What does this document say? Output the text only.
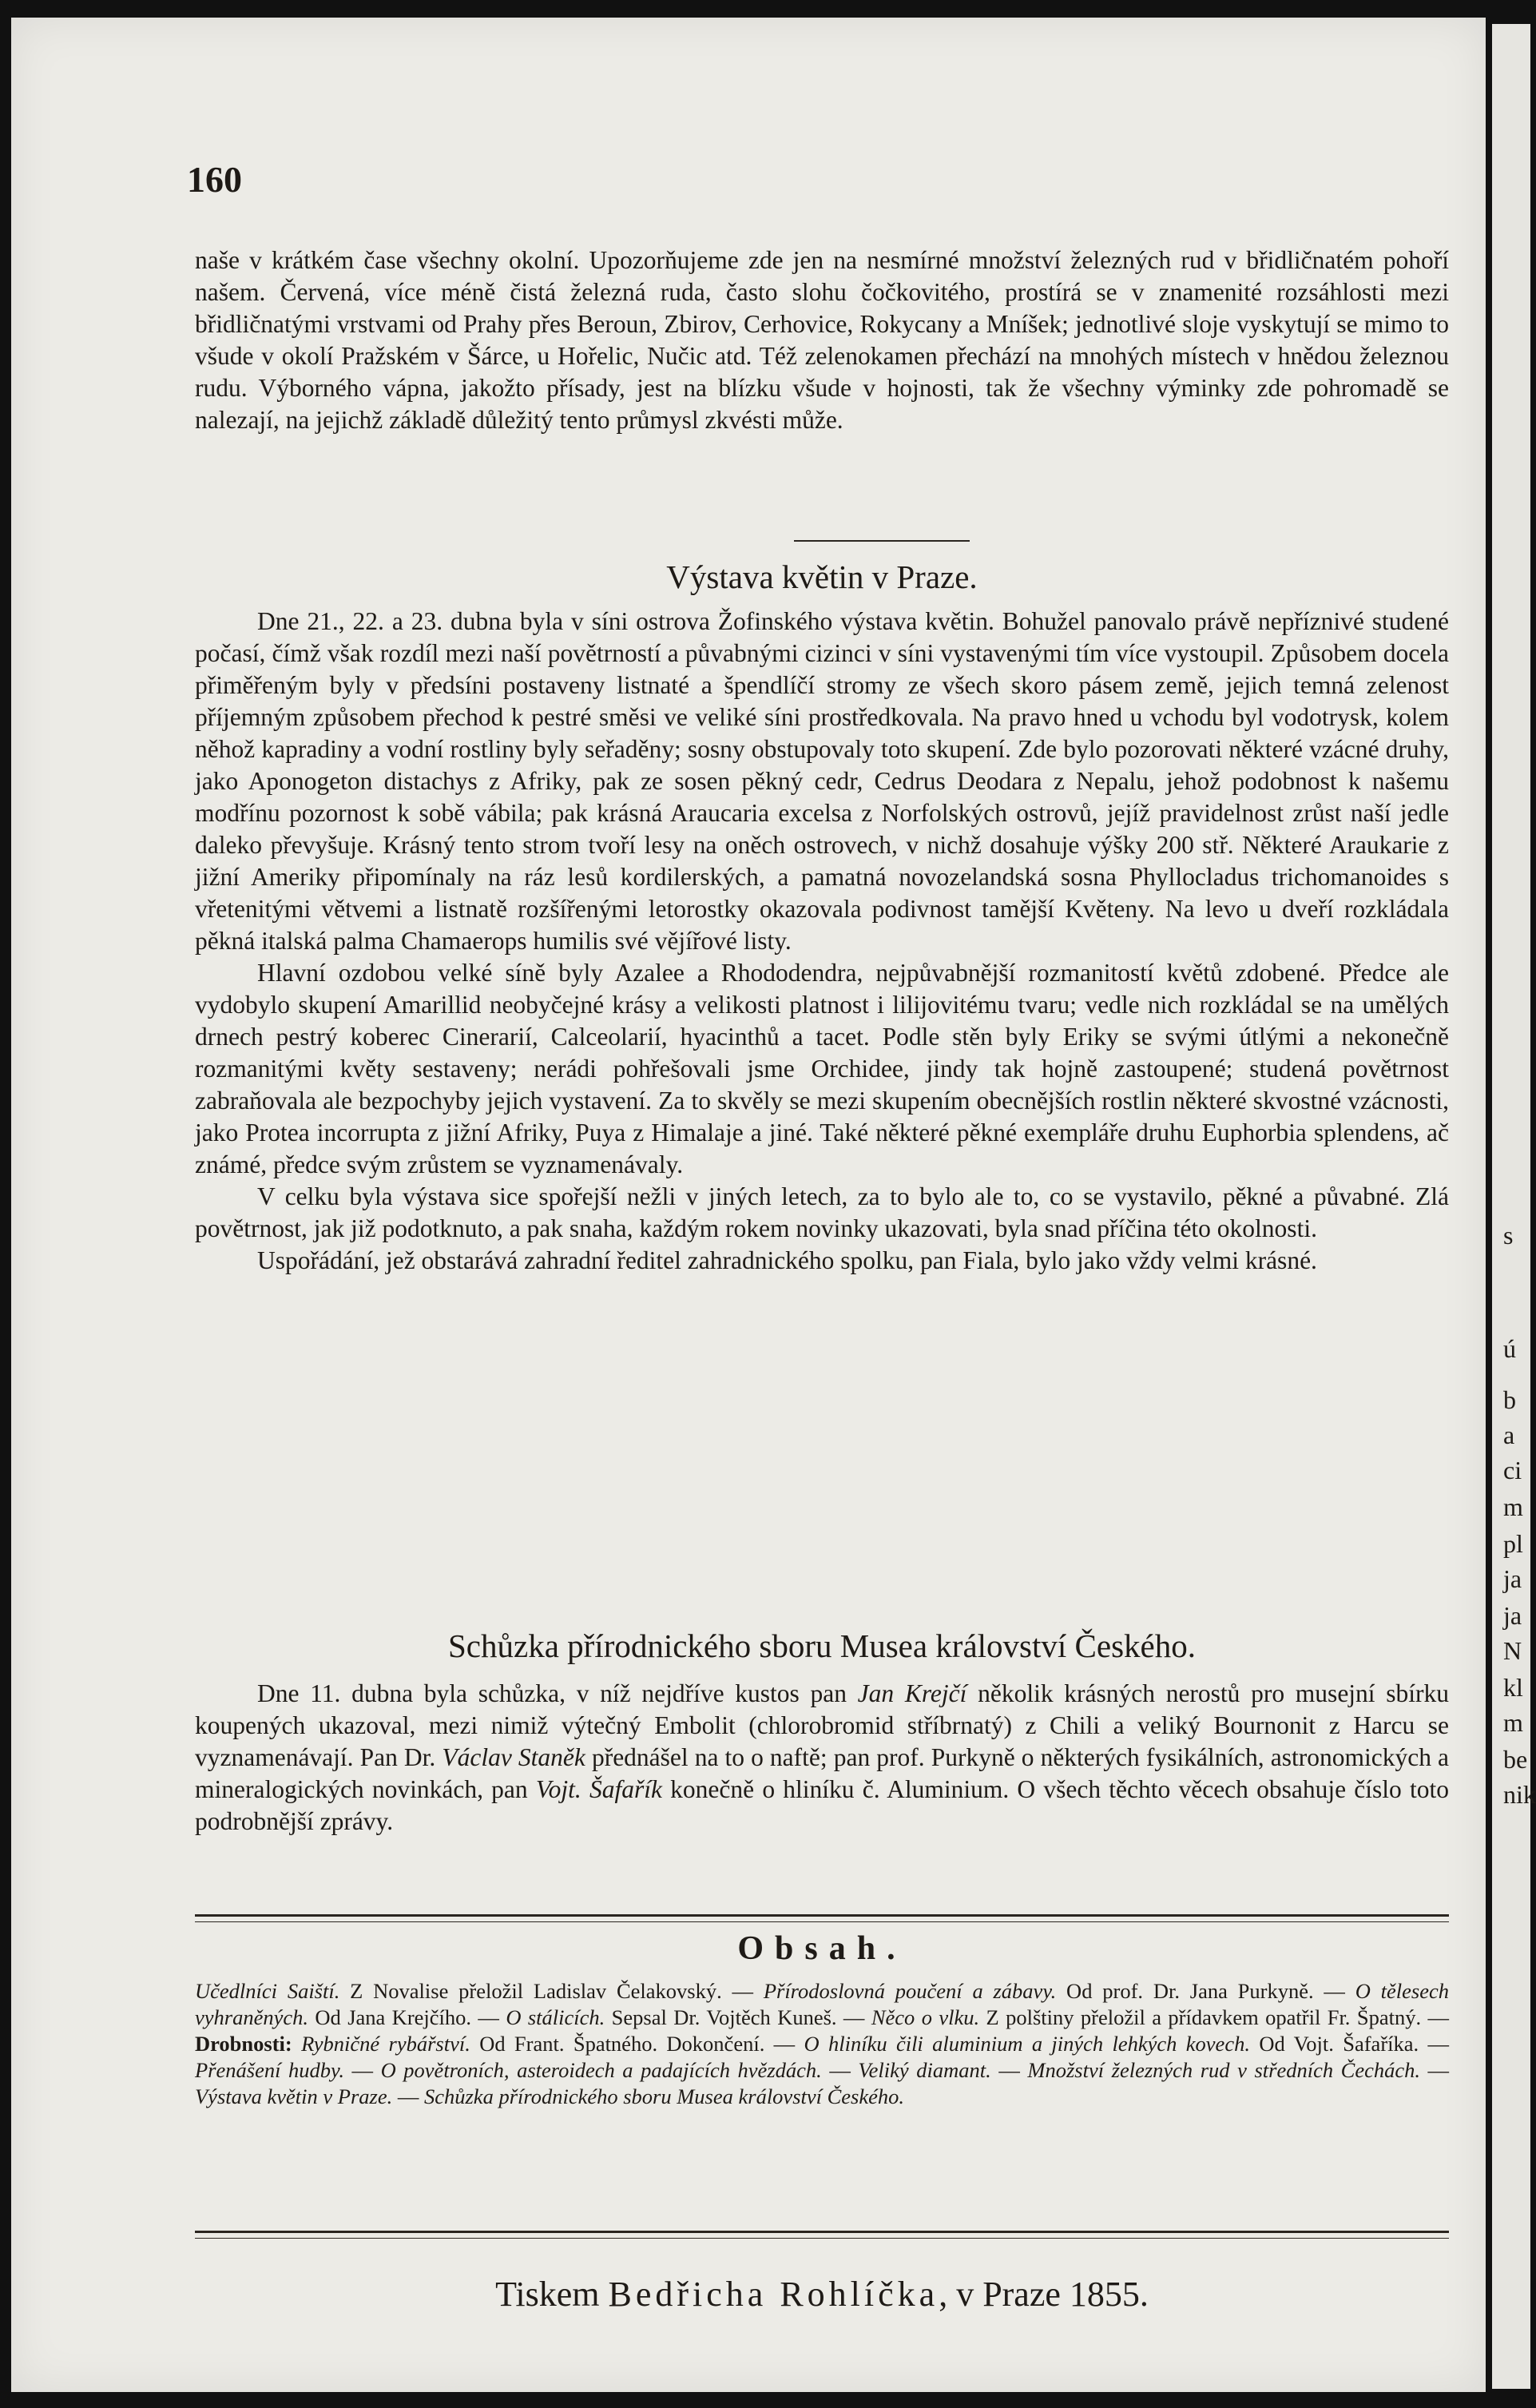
160

naše v krátkém čase všechny okolní. Upozorňujeme zde jen na nesmírné množství železných rud v břidličnatém pohoří našem. Červená, více méně čistá železná ruda, často slohu čočkovitého, prostírá se v znamenité rozsáhlosti mezi břidličnatými vrstvami od Prahy přes Beroun, Zbirov, Cerhovice, Rokycany a Mníšek; jednotlivé sloje vyskytují se mimo to všude v okolí Pražském v Šárce, u Hořelic, Nučic atd. Též zelenokamen přechází na mnohých místech v hnědou železnou rudu. Výborného vápna, jakožto přísady, jest na blízku všude v hojnosti, tak že všechny výminky zde pohromadě se nalezají, na jejichž základě důležitý tento průmysl zkvésti může.

Výstava květin v Praze.

Dne 21., 22. a 23. dubna byla v síni ostrova Žofinského výstava květin. Bohužel panovalo právě nepříznivé studené počasí, čímž však rozdíl mezi naší povětrností a půvabnými cizinci v síni vystavenými tím více vystoupil. Způsobem docela přiměřeným byly v předsíni postaveny listnaté a špendlíčí stromy ze všech skoro pásem země, jejich temná zelenost příjemným způsobem přechod k pestré směsi ve veliké síni prostředkovala. Na pravo hned u vchodu byl vodotrysk, kolem něhož kapradiny a vodní rostliny byly seřaděny; sosny obstupovaly toto skupení. Zde bylo pozorovati některé vzácné druhy, jako Aponogeton distachys z Afriky, pak ze sosen pěkný cedr, Cedrus Deodara z Nepalu, jehož podobnost k našemu modřínu pozornost k sobě vábila; pak krásná Araucaria excelsa z Norfolských ostrovů, jejíž pravidelnost zrůst naší jedle daleko převyšuje. Krásný tento strom tvoří lesy na oněch ostrovech, v nichž dosahuje výšky 200 stř. Některé Araukarie z jižní Ameriky připomínaly na ráz lesů kordilerských, a pamatná novozelandská sosna Phyllocladus trichomanoides s vřetenitými větvemi a listnatě rozšířenými letorostky okazovala podivnost tamější Květeny. Na levo u dveří rozkládala pěkná italská palma Chamaerops humilis své vějířové listy.

Hlavní ozdobou velké síně byly Azalee a Rhododendra, nejpůvabnější rozmanitostí květů zdobené. Předce ale vydobylo skupení Amarillid neobyčejné krásy a velikosti platnost i lilijovitému tvaru; vedle nich rozkládal se na umělých drnech pestrý koberec Cinerarií, Calceolarií, hyacinthů a tacet. Podle stěn byly Eriky se svými útlými a nekonečně rozmanitými květy sestaveny; nerádi pohřešovali jsme Orchidee, jindy tak hojně zastoupené; studená povětrnost zabraňovala ale bezpochyby jejich vystavení. Za to skvěly se mezi skupením obecnějších rostlin některé skvostné vzácnosti, jako Protea incorrupta z jižní Afriky, Puya z Himalaje a jiné. Také některé pěkné exempláře druhu Euphorbia splendens, ač známé, předce svým zrůstem se vyznamenávaly.

V celku byla výstava sice spořejší nežli v jiných letech, za to bylo ale to, co se vystavilo, pěkné a půvabné. Zlá povětrnost, jak již podotknuto, a pak snaha, každým rokem novinky ukazovati, byla snad příčina této okolnosti.

Uspořádání, jež obstarává zahradní ředitel zahradnického spolku, pan Fiala, bylo jako vždy velmi krásné.

Schůzka přírodnického sboru Musea království Českého.

Dne 11. dubna byla schůzka, v níž nejdříve kustos pan Jan Krejčí několik krásných nerostů pro musejní sbírku koupených ukazoval, mezi nimiž výtečný Embolit (chlorobromid stříbrnatý) z Chili a veliký Bournonit z Harcu se vyznamenávají. Pan Dr. Václav Staněk přednášel na to o naftě; pan prof. Purkyně o některých fysikálních, astronomických a mineralogických novinkách, pan Vojt. Šafařík konečně o hliníku č. Aluminium. O všech těchto věcech obsahuje číslo toto podrobnější zprávy.

Obsah.

Učedlníci Saiští. Z Novalise přeložil Ladislav Čelakovský. — Přírodoslovná poučení a zábavy. Od prof. Dr. Jana Purkyně. — O tělesech vyhraněných. Od Jana Krejčího. — O stálicích. Sepsal Dr. Vojtěch Kuneš. — Něco o vlku. Z polštiny přeložil a přídavkem opatřil Fr. Špatný. — Drobnosti: Rybničné rybářství. Od Frant. Špatného. Dokončení. — O hliníku čili aluminium a jiných lehkých kovech. Od Vojt. Šafaříka. — Přenášení hudby. — O povětroních, asteroidech a padajících hvězdách. — Veliký diamant. — Množství železných rud v středních Čechách. — Výstava květin v Praze. — Schůzka přírodnického sboru Musea království Českého.

Tiskem Bedřicha Rohlíčka, v Praze 1855.

s
ú
b
a
ci
m
pl
ja
ja
N
kl
m
be
nik
